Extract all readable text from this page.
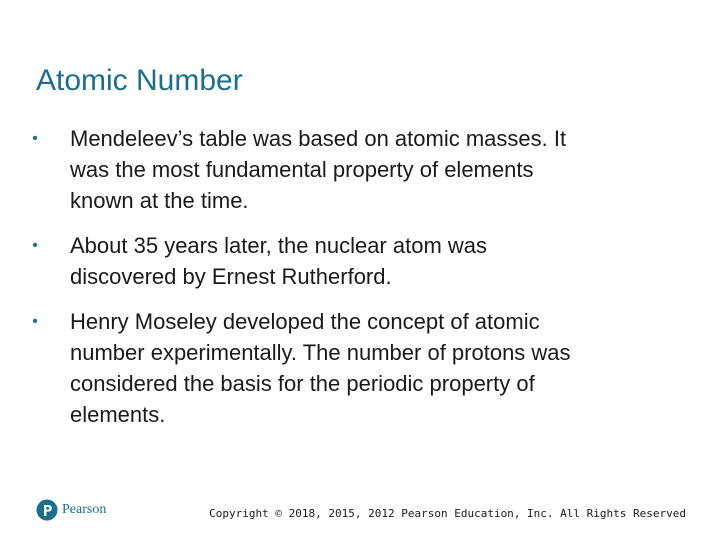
Atomic Number
• Mendeleev’s table was based on atomic masses. It
was the most fundamental property of elements
known at the time.
• About 35 years later, the nuclear atom was
discovered by Ernest Rutherford.
• Henry Moseley developed the concept of atomic
number experimentally. The number of protons was
considered the basis for the periodic property of
elements.
Pearson	Copyright © 2018, 2015, 2012 Pearson Education, Inc. All Rights Reserved
